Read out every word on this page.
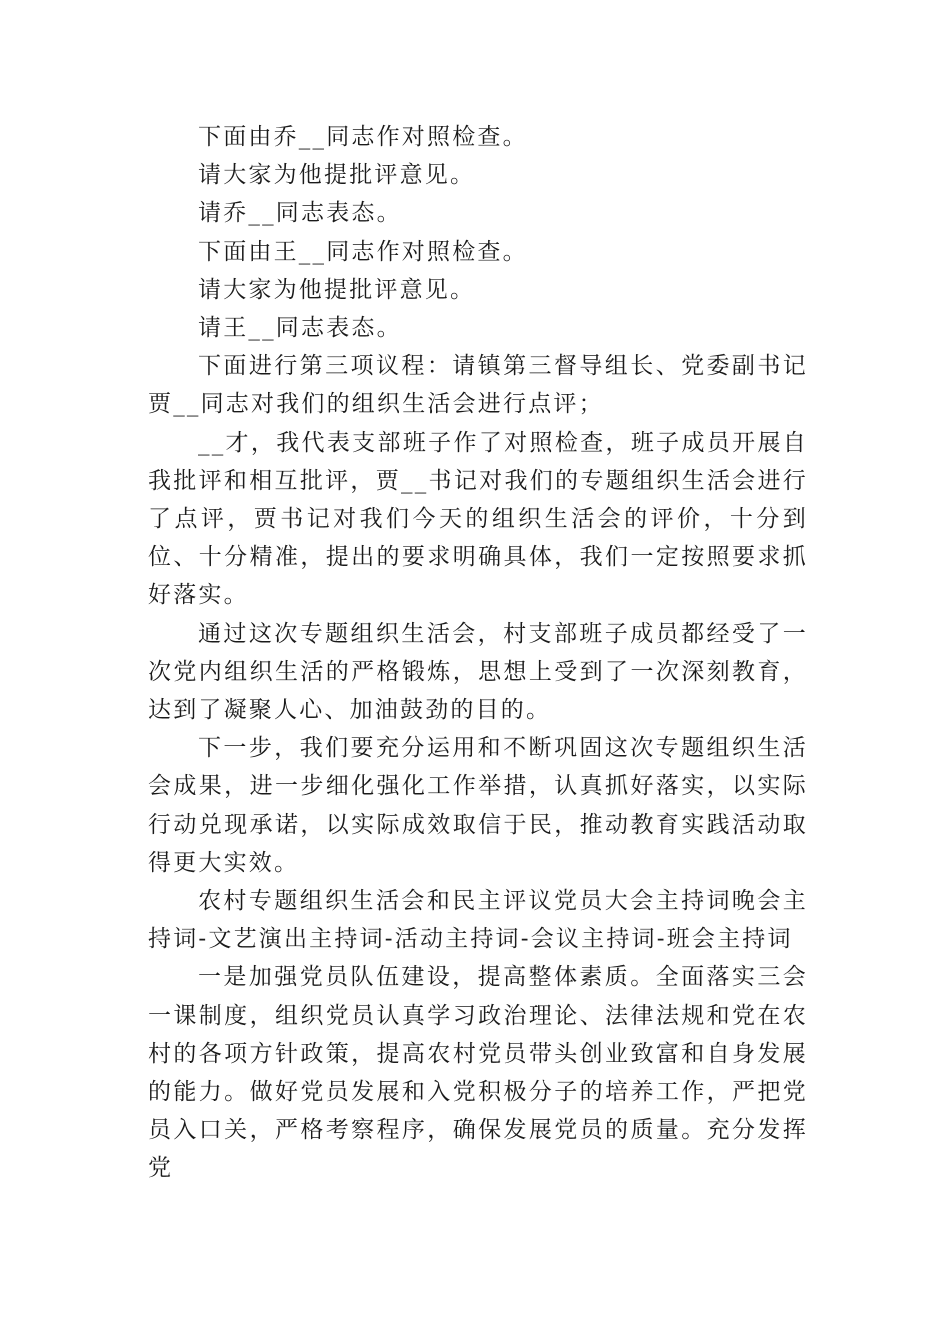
下面由乔__同志作对照检查。

请大家为他提批评意见。

请乔__同志表态。

下面由王__同志作对照检查。

请大家为他提批评意见。

请王__同志表态。

下面进行第三项议程：请镇第三督导组长、党委副书记贾__同志对我们的组织生活会进行点评；

__才，我代表支部班子作了对照检查，班子成员开展自我批评和相互批评，贾__书记对我们的专题组织生活会进行了点评，贾书记对我们今天的组织生活会的评价，十分到位、十分精准，提出的要求明确具体，我们一定按照要求抓好落实。

通过这次专题组织生活会，村支部班子成员都经受了一次党内组织生活的严格锻炼，思想上受到了一次深刻教育，达到了凝聚人心、加油鼓劲的目的。

下一步，我们要充分运用和不断巩固这次专题组织生活会成果，进一步细化强化工作举措，认真抓好落实，以实际行动兑现承诺，以实际成效取信于民，推动教育实践活动取得更大实效。

农村专题组织生活会和民主评议党员大会主持词晚会主持词-文艺演出主持词-活动主持词-会议主持词-班会主持词

一是加强党员队伍建设，提高整体素质。全面落实三会一课制度，组织党员认真学习政治理论、法律法规和党在农村的各项方针政策，提高农村党员带头创业致富和自身发展的能力。做好党员发展和入党积极分子的培养工作，严把党员入口关，严格考察程序，确保发展党员的质量。充分发挥党
